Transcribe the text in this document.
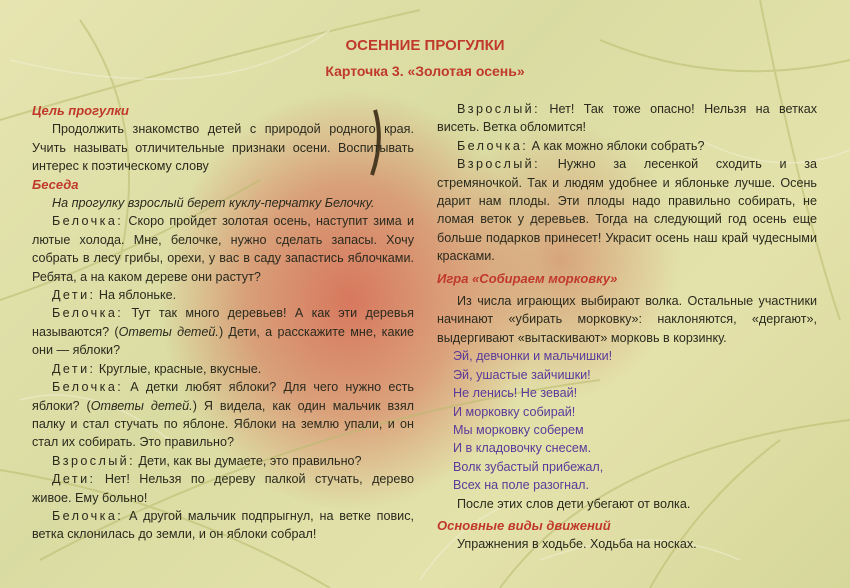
ОСЕННИЕ ПРОГУЛКИ
Карточка 3. «Золотая осень»
Цель прогулки

Продолжить знакомство детей с природой родного края. Учить называть отличительные признаки осени. Воспитывать интерес к поэтическому слову

Беседа

На прогулку взрослый берет куклу-перчатку Белочку.

Белочка: Скоро пройдет золотая осень, наступит зима и лютые холода. Мне, белочке, нужно сделать запасы. Хочу собрать в лесу грибы, орехи, у вас в саду запастись яблочками. Ребята, а на каком дереве они растут?

Дети: На яблоньке.

Белочка: Тут так много деревьев! А как эти деревья называются? (Ответы детей.) Дети, а расскажите мне, какие они — яблоки?

Дети: Круглые, красные, вкусные.

Белочка: А детки любят яблоки? Для чего нужно есть яблоки? (Ответы детей.) Я видела, как один мальчик взял палку и стал стучать по яблоне. Яблоки на землю упали, и он стал их собирать. Это правильно?

Взрослый: Дети, как вы думаете, это правильно?

Дети: Нет! Нельзя по дереву палкой стучать, дерево живое. Ему больно!

Белочка: А другой мальчик подпрыгнул, на ветке повис, ветка склонилась до земли, и он яблоки собрал!

Взрослый: Нет! Так тоже опасно! Нельзя на ветках висеть. Ветка обломится!

Белочка: А как можно яблоки собрать?

Взрослый: Нужно за лесенкой сходить и за стремяночкой. Так и людям удобнее и яблоньке лучше. Осень дарит нам плоды. Эти плоды надо правильно собирать, не ломая веток у деревьев. Тогда на следующий год осень еще больше подарков принесет! Украсит осень наш край чудесными красками.

Игра «Собираем морковку»

Из числа играющих выбирают волка. Остальные участники начинают «убирать морковку»: наклоняются, «дергают», выдергивают «вытаскивают» морковь в корзинку.

Эй, девчонки и мальчишки!
Эй, ушастые зайчишки!
Не ленись! Не зевай!
И морковку собирай!
Мы морковку соберем
И в кладовочку снесем.
Волк зубастый прибежал,
Всех на поле разогнал.

После этих слов дети убегают от волка.

Основные виды движений

Упражнения в ходьбе. Ходьба на носках.
